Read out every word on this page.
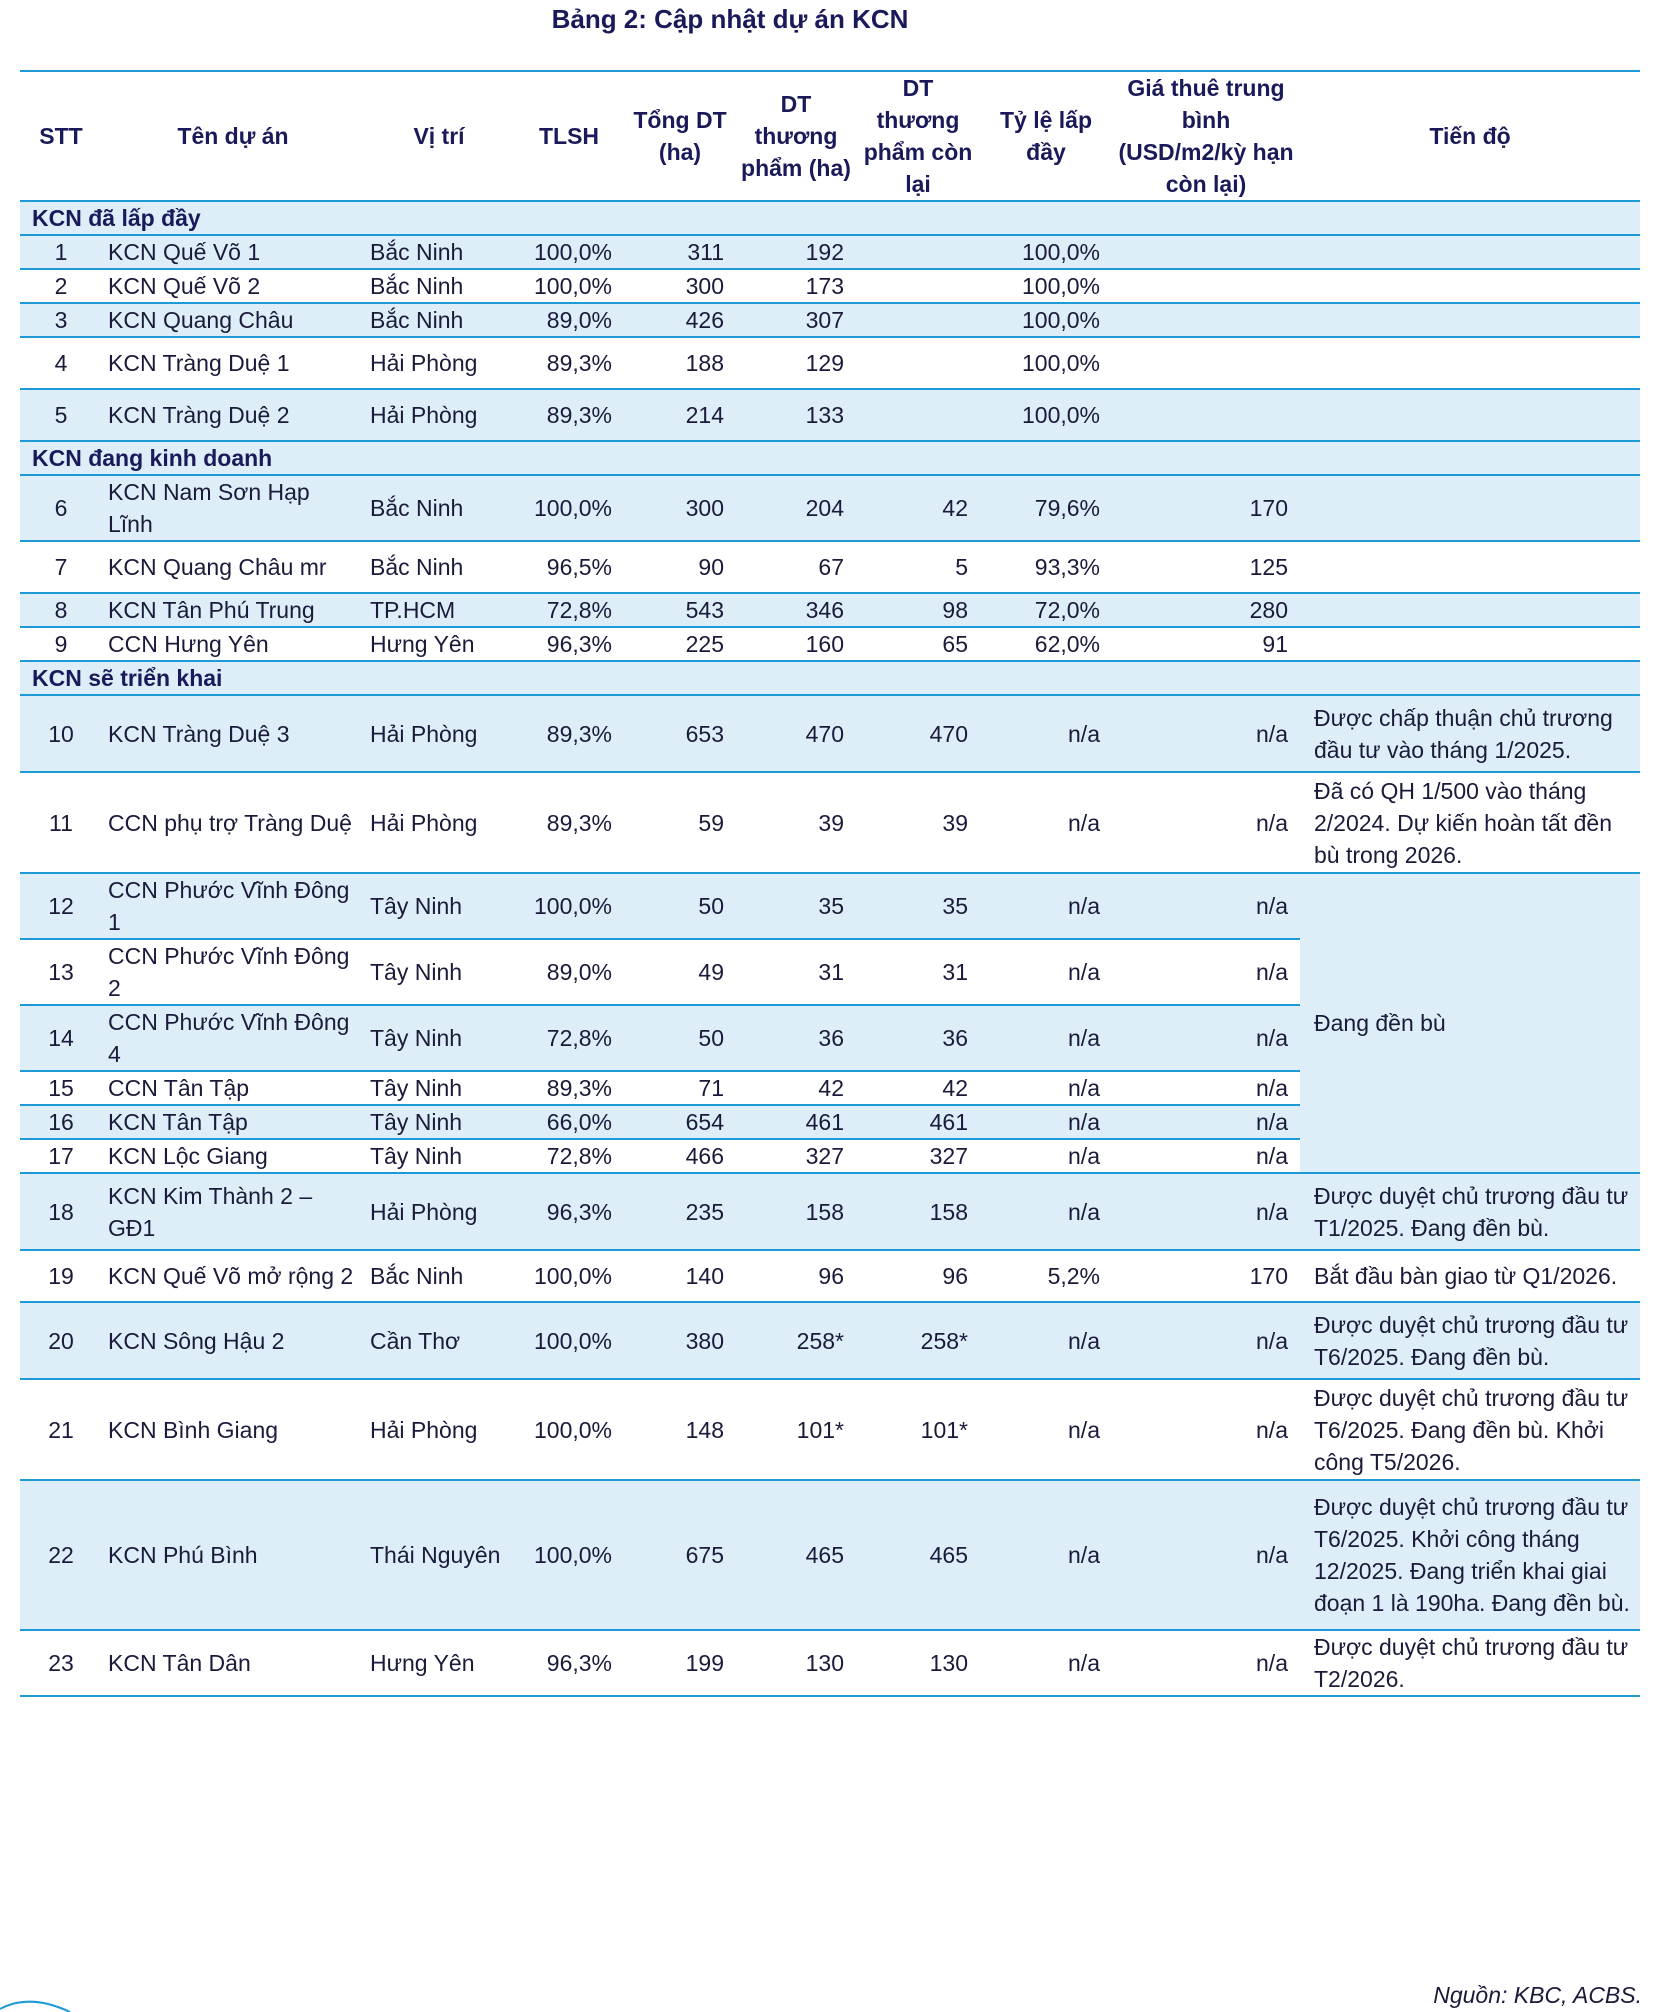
Bảng 2: Cập nhật dự án KCN
STT	Tên dự án	Vị trí	TLSH	Tổng DT (ha)	DT thương phẩm (ha)	DT thương phẩm còn lại	Tỷ lệ lấp đầy	Giá thuê trung bình (USD/m2/kỳ hạn còn lại)	Tiến độ
KCN đã lấp đầy									
1	KCN Quế Võ 1	Bắc Ninh	100,0%	311	192		100,0%		
2	KCN Quế Võ 2	Bắc Ninh	100,0%	300	173		100,0%		
3	KCN Quang Châu	Bắc Ninh	89,0%	426	307		100,0%		
4	KCN Tràng Duệ 1	Hải Phòng	89,3%	188	129		100,0%		
5	KCN Tràng Duệ 2	Hải Phòng	89,3%	214	133		100,0%		
KCN đang kinh doanh									
6	KCN Nam Sơn Hạp Lĩnh	Bắc Ninh	100,0%	300	204	42	79,6%	170	
7	KCN Quang Châu mr	Bắc Ninh	96,5%	90	67	5	93,3%	125	
8	KCN Tân Phú Trung	TP.HCM	72,8%	543	346	98	72,0%	280	
9	CCN Hưng Yên	Hưng Yên	96,3%	225	160	65	62,0%	91	
KCN sẽ triển khai									
10	KCN Tràng Duệ 3	Hải Phòng	89,3%	653	470	470	n/a	n/a	Được chấp thuận chủ trương đầu tư vào tháng 1/2025.
11	CCN phụ trợ Tràng Duệ	Hải Phòng	89,3%	59	39	39	n/a	n/a	Đã có QH 1/500 vào tháng 2/2024. Dự kiến hoàn tất đền bù trong 2026.
12	CCN Phước Vĩnh Đông 1	Tây Ninh	100,0%	50	35	35	n/a	n/a	Đang đền bù
13	CCN Phước Vĩnh Đông 2	Tây Ninh	89,0%	49	31	31	n/a	n/a	
14	CCN Phước Vĩnh Đông 4	Tây Ninh	72,8%	50	36	36	n/a	n/a	
15	CCN Tân Tập	Tây Ninh	89,3%	71	42	42	n/a	n/a	
16	KCN Tân Tập	Tây Ninh	66,0%	654	461	461	n/a	n/a	
17	KCN Lộc Giang	Tây Ninh	72,8%	466	327	327	n/a	n/a	
18	KCN Kim Thành 2 – GĐ1	Hải Phòng	96,3%	235	158	158	n/a	n/a	Được duyệt chủ trương đầu tư T1/2025. Đang đền bù.
19	KCN Quế Võ mở rộng 2	Bắc Ninh	100,0%	140	96	96	5,2%	170	Bắt đầu bàn giao từ Q1/2026.
20	KCN Sông Hậu 2	Cần Thơ	100,0%	380	258*	258*	n/a	n/a	Được duyệt chủ trương đầu tư T6/2025. Đang đền bù.
21	KCN Bình Giang	Hải Phòng	100,0%	148	101*	101*	n/a	n/a	Được duyệt chủ trương đầu tư T6/2025. Đang đền bù. Khởi công T5/2026.
22	KCN Phú Bình	Thái Nguyên	100,0%	675	465	465	n/a	n/a	Được duyệt chủ trương đầu tư T6/2025. Khởi công tháng 12/2025. Đang triển khai giai đoạn 1 là 190ha. Đang đền bù.
23	KCN Tân Dân	Hưng Yên	96,3%	199	130	130	n/a	n/a	Được duyệt chủ trương đầu tư T2/2026.
Nguồn: KBC, ACBS.
